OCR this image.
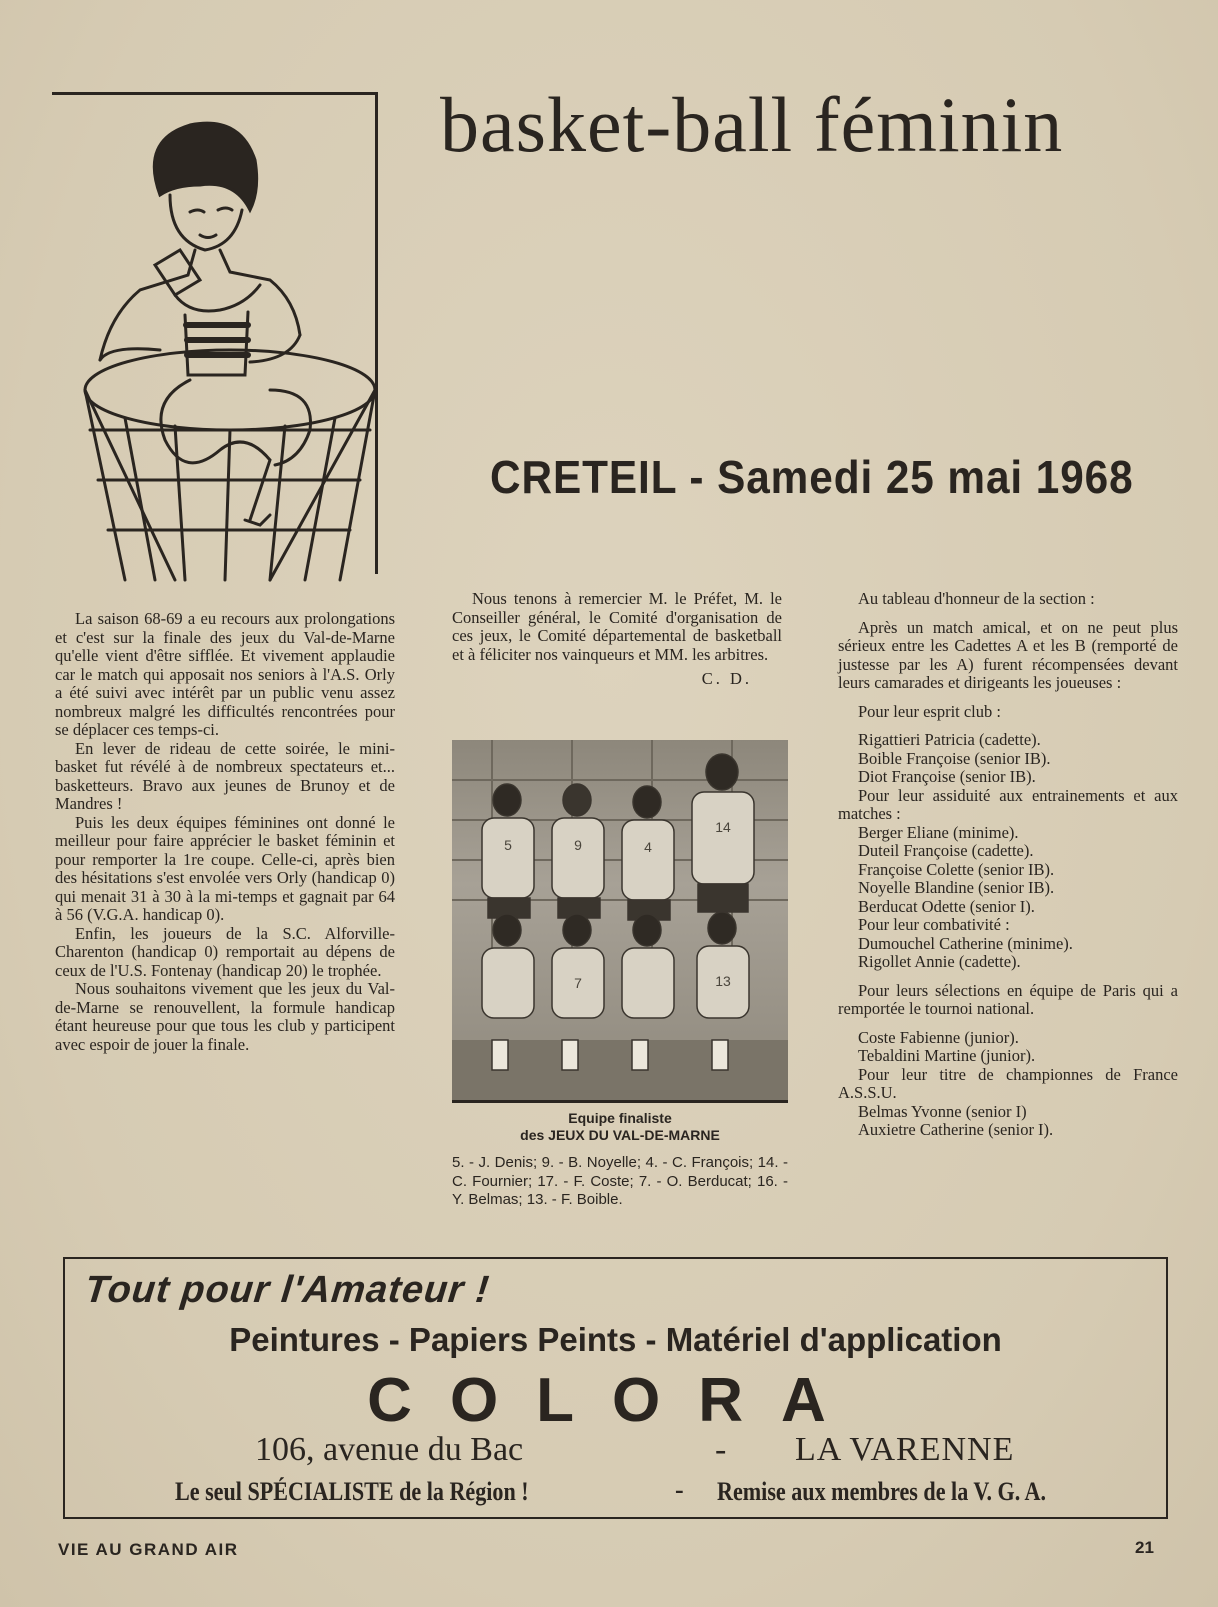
basket-ball féminin
CRETEIL - Samedi 25 mai 1968

La saison 68-69 a eu recours aux prolongations et c'est sur la finale des jeux du Val-de-Marne qu'elle vient d'être sifflée. Et vivement applaudie car le match qui apposait nos seniors à l'A.S. Orly a été suivi avec intérêt par un public venu assez nombreux malgré les difficultés rencontrées pour se déplacer ces temps-ci.

En lever de rideau de cette soirée, le mini-basket fut révélé à de nombreux spectateurs et... basketteurs. Bravo aux jeunes de Brunoy et de Mandres !

Puis les deux équipes féminines ont donné le meilleur pour faire apprécier le basket féminin et pour remporter la 1re coupe. Celle-ci, après bien des hésitations s'est envolée vers Orly (handicap 0) qui menait 31 à 30 à la mi-temps et gagnait par 64 à 56 (V.G.A. handicap 0).

Enfin, les joueurs de la S.C. Alforville-Charenton (handicap 0) remportait au dépens de ceux de l'U.S. Fontenay (handicap 20) le trophée.

Nous souhaitons vivement que les jeux du Val-de-Marne se renouvellent, la formule handicap étant heureuse pour que tous les club y participent avec espoir de jouer la finale.

Nous tenons à remercier M. le Préfet, M. le Conseiller général, le Comité d'organisation de ces jeux, le Comité départemental de basketball et à féliciter nos vainqueurs et MM. les arbitres.

C. D.

5	9	4
14
7	13
Equipe finaliste
des JEUX DU VAL-DE-MARNE
5. - J. Denis; 9. - B. Noyelle; 4. - C. François; 14. - C. Fournier; 17. - F. Coste; 7. - O. Berducat; 16. - Y. Belmas; 13. - F. Boible.

Au tableau d'honneur de la section :

Après un match amical, et on ne peut plus sérieux entre les Cadettes A et les B (remporté de justesse par les A) furent récompensées devant leurs camarades et dirigeants les joueuses :

Pour leur esprit club :

Rigattieri Patricia (cadette).

Boible Françoise (senior IB).

Diot Françoise (senior IB).

Pour leur assiduité aux entrainements et aux matches :

Berger Eliane (minime).

Duteil Françoise (cadette).

Françoise Colette (senior IB).

Noyelle Blandine (senior IB).

Berducat Odette (senior I).

Pour leur combativité :

Dumouchel Catherine (minime).

Rigollet Annie (cadette).

Pour leurs sélections en équipe de Paris qui a remportée le tournoi national.

Coste Fabienne (junior).

Tebaldini Martine (junior).

Pour leur titre de championnes de France A.S.S.U.

Belmas Yvonne (senior I)

Auxietre Catherine (senior I).

Tout pour l'Amateur !
Peintures - Papiers Peints - Matériel d'application
COLORA
106, avenue du Bac	- LA VARENNE
Le seul SPÉCIALISTE de la Région !	- Remise aux membres de la V. G. A.
VIE AU GRAND AIR	21
